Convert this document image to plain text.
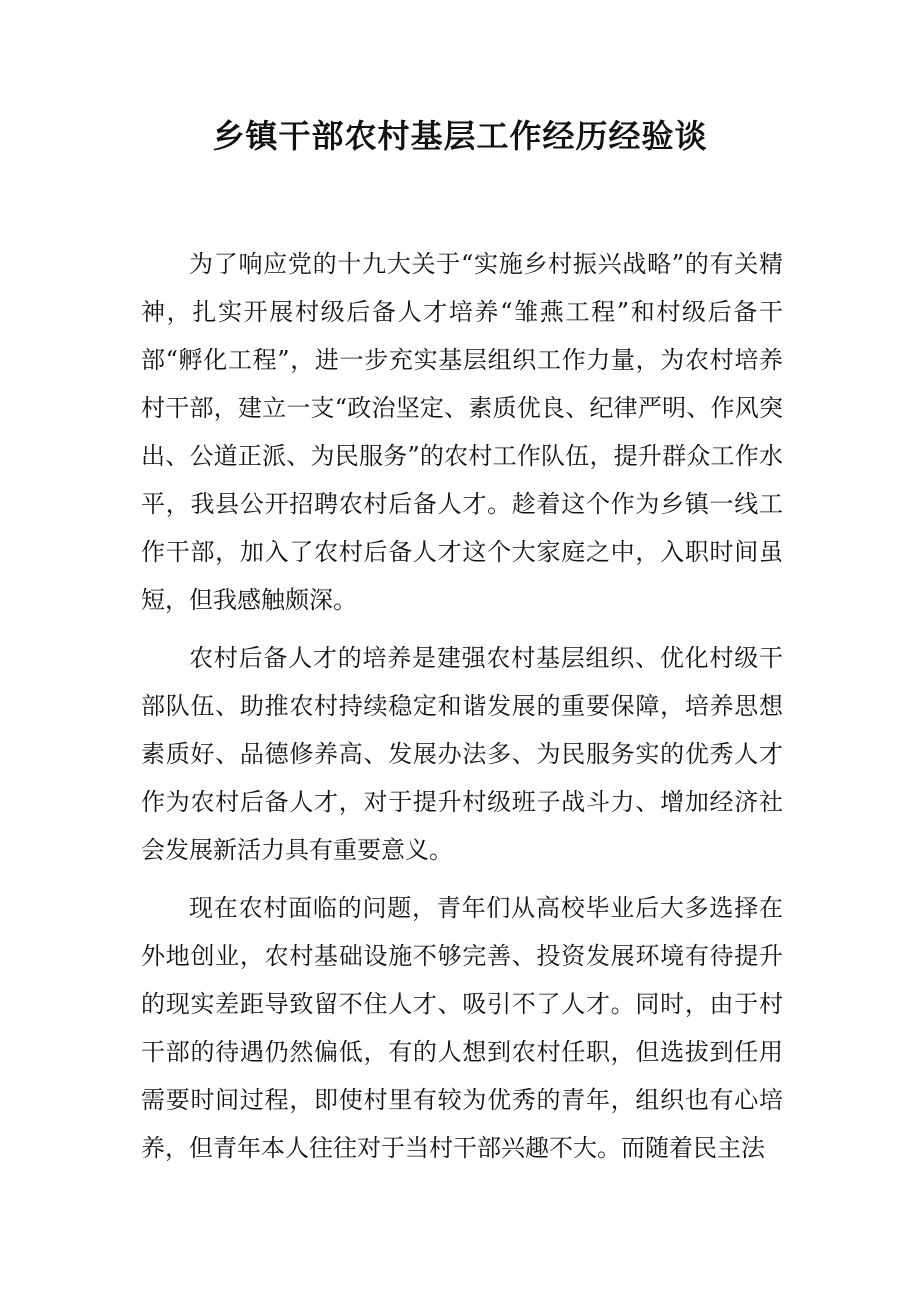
乡镇干部农村基层工作经历经验谈

为了响应党的十九大关于“实施乡村振兴战略”的有关精神，扎实开展村级后备人才培养“雏燕工程”和村级后备干部“孵化工程”，进一步充实基层组织工作力量，为农村培养村干部，建立一支“政治坚定、素质优良、纪律严明、作风突出、公道正派、为民服务”的农村工作队伍，提升群众工作水平，我县公开招聘农村后备人才。趁着这个作为乡镇一线工作干部，加入了农村后备人才这个大家庭之中，入职时间虽短，但我感触颇深。

农村后备人才的培养是建强农村基层组织、优化村级干部队伍、助推农村持续稳定和谐发展的重要保障，培养思想素质好、品德修养高、发展办法多、为民服务实的优秀人才作为农村后备人才，对于提升村级班子战斗力、增加经济社会发展新活力具有重要意义。

现在农村面临的问题，青年们从高校毕业后大多选择在外地创业，农村基础设施不够完善、投资发展环境有待提升的现实差距导致留不住人才、吸引不了人才。同时，由于村干部的待遇仍然偏低，有的人想到农村任职，但选拔到任用需要时间过程，即使村里有较为优秀的青年，组织也有心培养，但青年本人往往对于当村干部兴趣不大。而随着民主法
